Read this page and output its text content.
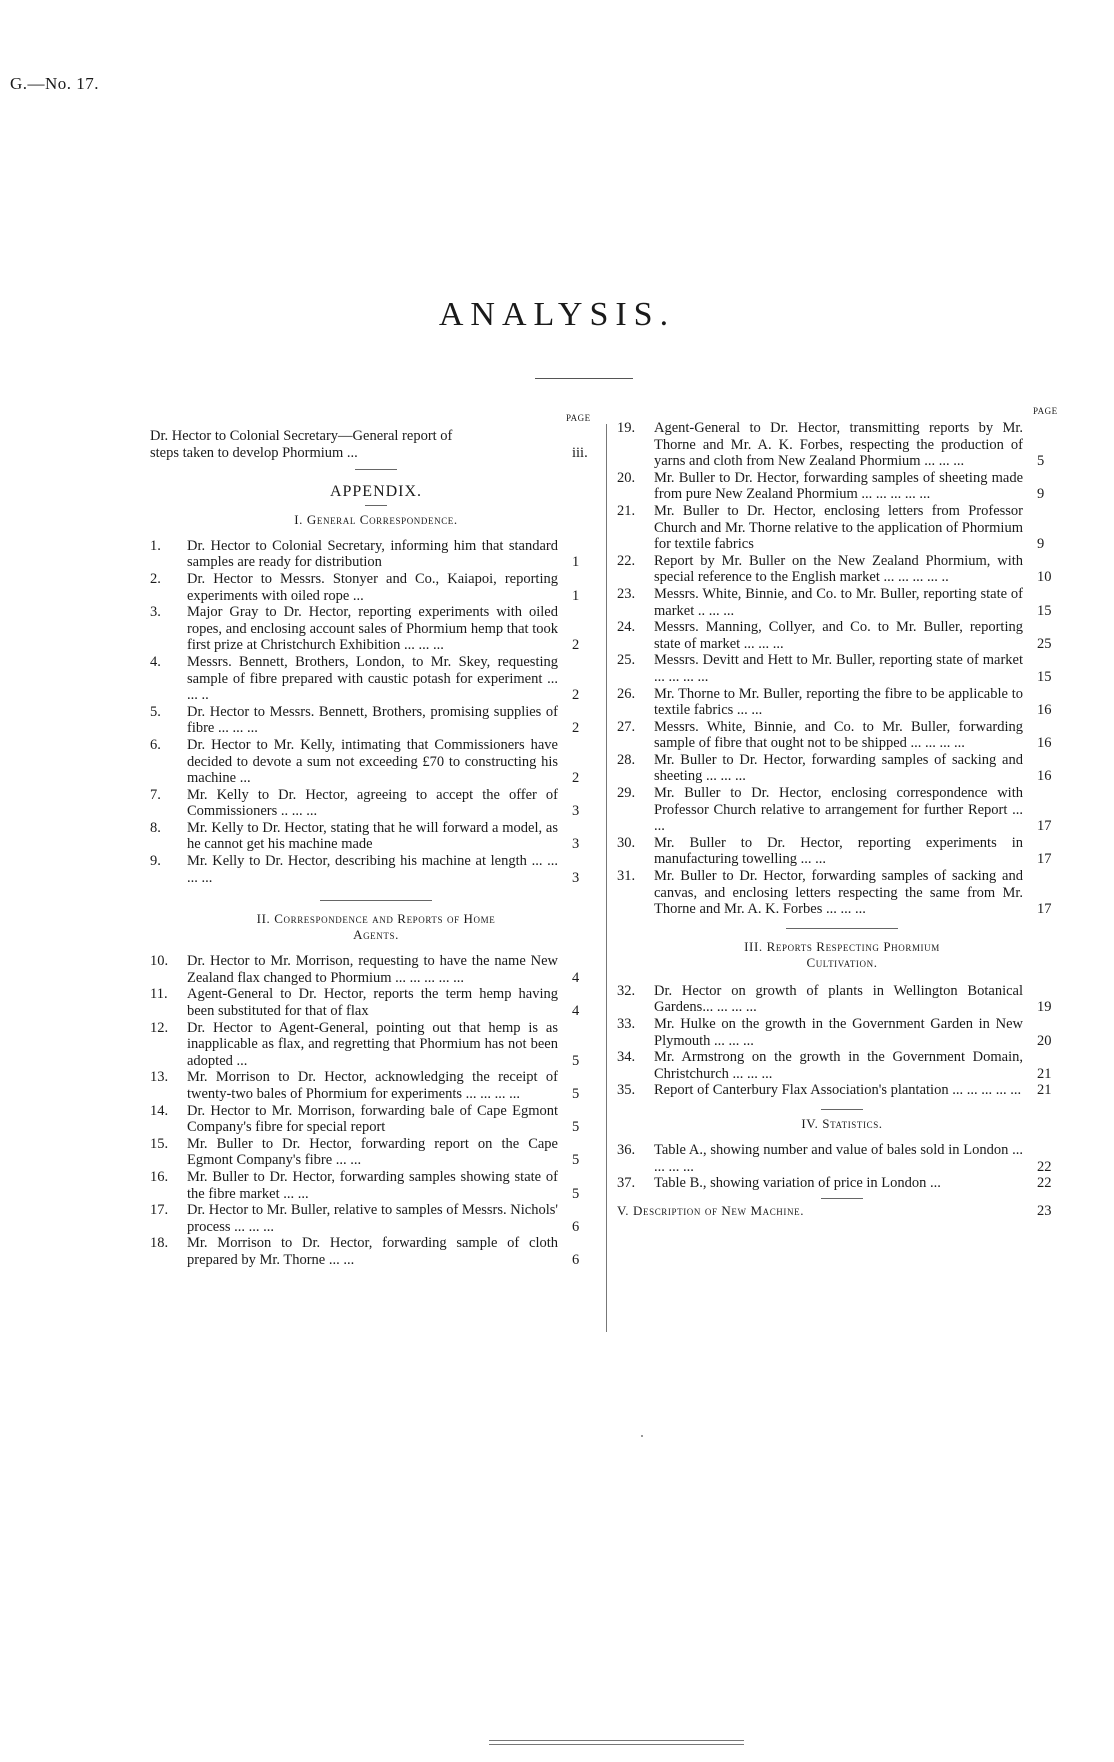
G.—No. 17.
ANALYSIS.
PAGE
PAGE
Dr. Hector to Colonial Secretary—General report of
steps taken to develop Phormium ...	iii.
APPENDIX.
I. General Correspondence.
1.	Dr. Hector to Colonial Secretary, informing him that standard samples are ready for distribution	1
2.	Dr. Hector to Messrs. Stonyer and Co., Kaiapoi, reporting experiments with oiled rope ...	1
3.	Major Gray to Dr. Hector, reporting experiments with oiled ropes, and enclosing account sales of Phormium hemp that took first prize at Christchurch Exhibition ... ... ...	2
4.	Messrs. Bennett, Brothers, London, to Mr. Skey, requesting sample of fibre prepared with caustic potash for experiment ... ... ..	2
5.	Dr. Hector to Messrs. Bennett, Brothers, promising supplies of fibre ... ... ...	2
6.	Dr. Hector to Mr. Kelly, intimating that Commissioners have decided to devote a sum not exceeding £70 to constructing his machine ...	2
7.	Mr. Kelly to Dr. Hector, agreeing to accept the offer of Commissioners .. ... ...	3
8.	Mr. Kelly to Dr. Hector, stating that he will forward a model, as he cannot get his machine made	3
9.	Mr. Kelly to Dr. Hector, describing his machine at length ... ... ... ...	3
II. Correspondence and Reports of Home
Agents.
10.	Dr. Hector to Mr. Morrison, requesting to have the name New Zealand flax changed to Phormium ... ... ... ... ...	4
11.	Agent-General to Dr. Hector, reports the term hemp having been substituted for that of flax	4
12.	Dr. Hector to Agent-General, pointing out that hemp is as inapplicable as flax, and regretting that Phormium has not been adopted ...	5
13.	Mr. Morrison to Dr. Hector, acknowledging the receipt of twenty-two bales of Phormium for experiments ... ... ... ...	5
14.	Dr. Hector to Mr. Morrison, forwarding bale of Cape Egmont Company's fibre for special report	5
15.	Mr. Buller to Dr. Hector, forwarding report on the Cape Egmont Company's fibre ... ...	5
16.	Mr. Buller to Dr. Hector, forwarding samples showing state of the fibre market ... ...	5
17.	Dr. Hector to Mr. Buller, relative to samples of Messrs. Nichols' process ... ... ...	6
18.	Mr. Morrison to Dr. Hector, forwarding sample of cloth prepared by Mr. Thorne ... ...	6
19.	Agent-General to Dr. Hector, transmitting reports by Mr. Thorne and Mr. A. K. Forbes, respecting the production of yarns and cloth from New Zealand Phormium ... ... ...	5
20.	Mr. Buller to Dr. Hector, forwarding samples of sheeting made from pure New Zealand Phormium ... ... ... ... ...	9
21.	Mr. Buller to Dr. Hector, enclosing letters from Professor Church and Mr. Thorne relative to the application of Phormium for textile fabrics	9
22.	Report by Mr. Buller on the New Zealand Phormium, with special reference to the English market ... ... ... ... ..	10
23.	Messrs. White, Binnie, and Co. to Mr. Buller, reporting state of market .. ... ...	15
24.	Messrs. Manning, Collyer, and Co. to Mr. Buller, reporting state of market ... ... ...	25
25.	Messrs. Devitt and Hett to Mr. Buller, reporting state of market ... ... ... ...	15
26.	Mr. Thorne to Mr. Buller, reporting the fibre to be applicable to textile fabrics ... ...	16
27.	Messrs. White, Binnie, and Co. to Mr. Buller, forwarding sample of fibre that ought not to be shipped ... ... ... ...	16
28.	Mr. Buller to Dr. Hector, forwarding samples of sacking and sheeting ... ... ...	16
29.	Mr. Buller to Dr. Hector, enclosing correspondence with Professor Church relative to arrangement for further Report ... ...	17
30.	Mr. Buller to Dr. Hector, reporting experiments in manufacturing towelling ... ...	17
31.	Mr. Buller to Dr. Hector, forwarding samples of sacking and canvas, and enclosing letters respecting the same from Mr. Thorne and Mr. A. K. Forbes ... ... ...	17
III. Reports Respecting Phormium
Cultivation.
32.	Dr. Hector on growth of plants in Wellington Botanical Gardens... ... ... ...	19
33.	Mr. Hulke on the growth in the Government Garden in New Plymouth ... ... ...	20
34.	Mr. Armstrong on the growth in the Government Domain, Christchurch ... ... ...	21
35.	Report of Canterbury Flax Association's plantation ... ... ... ... ... 21
IV. Statistics.
36.	Table A., showing number and value of bales sold in London ... ... ... ...	22
37.	Table B., showing variation of price in London ...	22
V. Description of New Machine.	23
